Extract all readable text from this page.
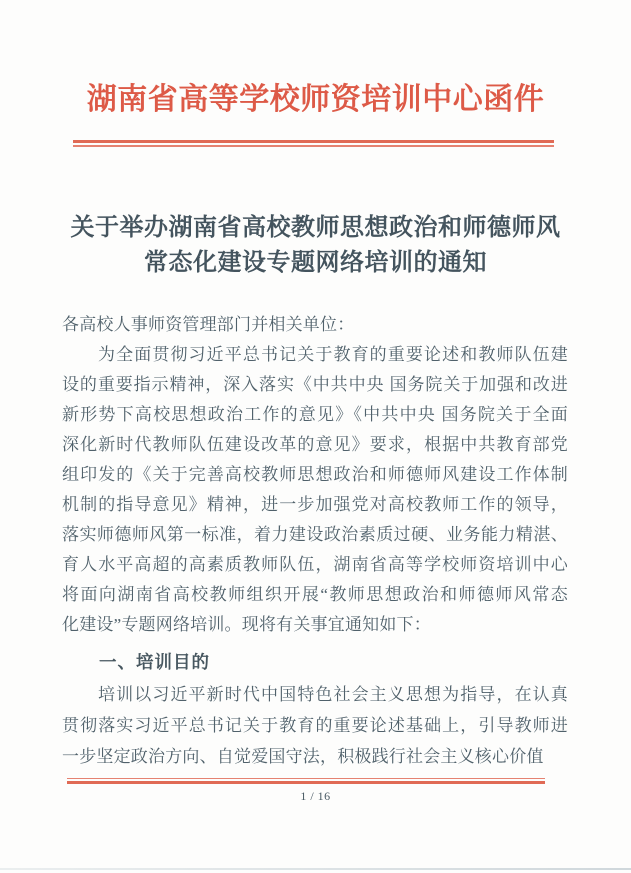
湖南省高等学校师资培训中心函件
关于举办湖南省高校教师思想政治和师德师风
常态化建设专题网络培训的通知
各高校人事师资管理部门并相关单位：
为全面贯彻习近平总书记关于教育的重要论述和教师队伍建
设的重要指示精神，深入落实《中共中央 国务院关于加强和改进
新形势下高校思想政治工作的意见》《中共中央 国务院关于全面
深化新时代教师队伍建设改革的意见》要求，根据中共教育部党
组印发的《关于完善高校教师思想政治和师德师风建设工作体制
机制的指导意见》精神，进一步加强党对高校教师工作的领导，
落实师德师风第一标准，着力建设政治素质过硬、业务能力精湛、
育人水平高超的高素质教师队伍，湖南省高等学校师资培训中心
将面向湖南省高校教师组织开展“教师思想政治和师德师风常态
化建设”专题网络培训。现将有关事宜通知如下：
一、培训目的
培训以习近平新时代中国特色社会主义思想为指导，在认真
贯彻落实习近平总书记关于教育的重要论述基础上，引导教师进
一步坚定政治方向、自觉爱国守法，积极践行社会主义核心价值
1 / 16
